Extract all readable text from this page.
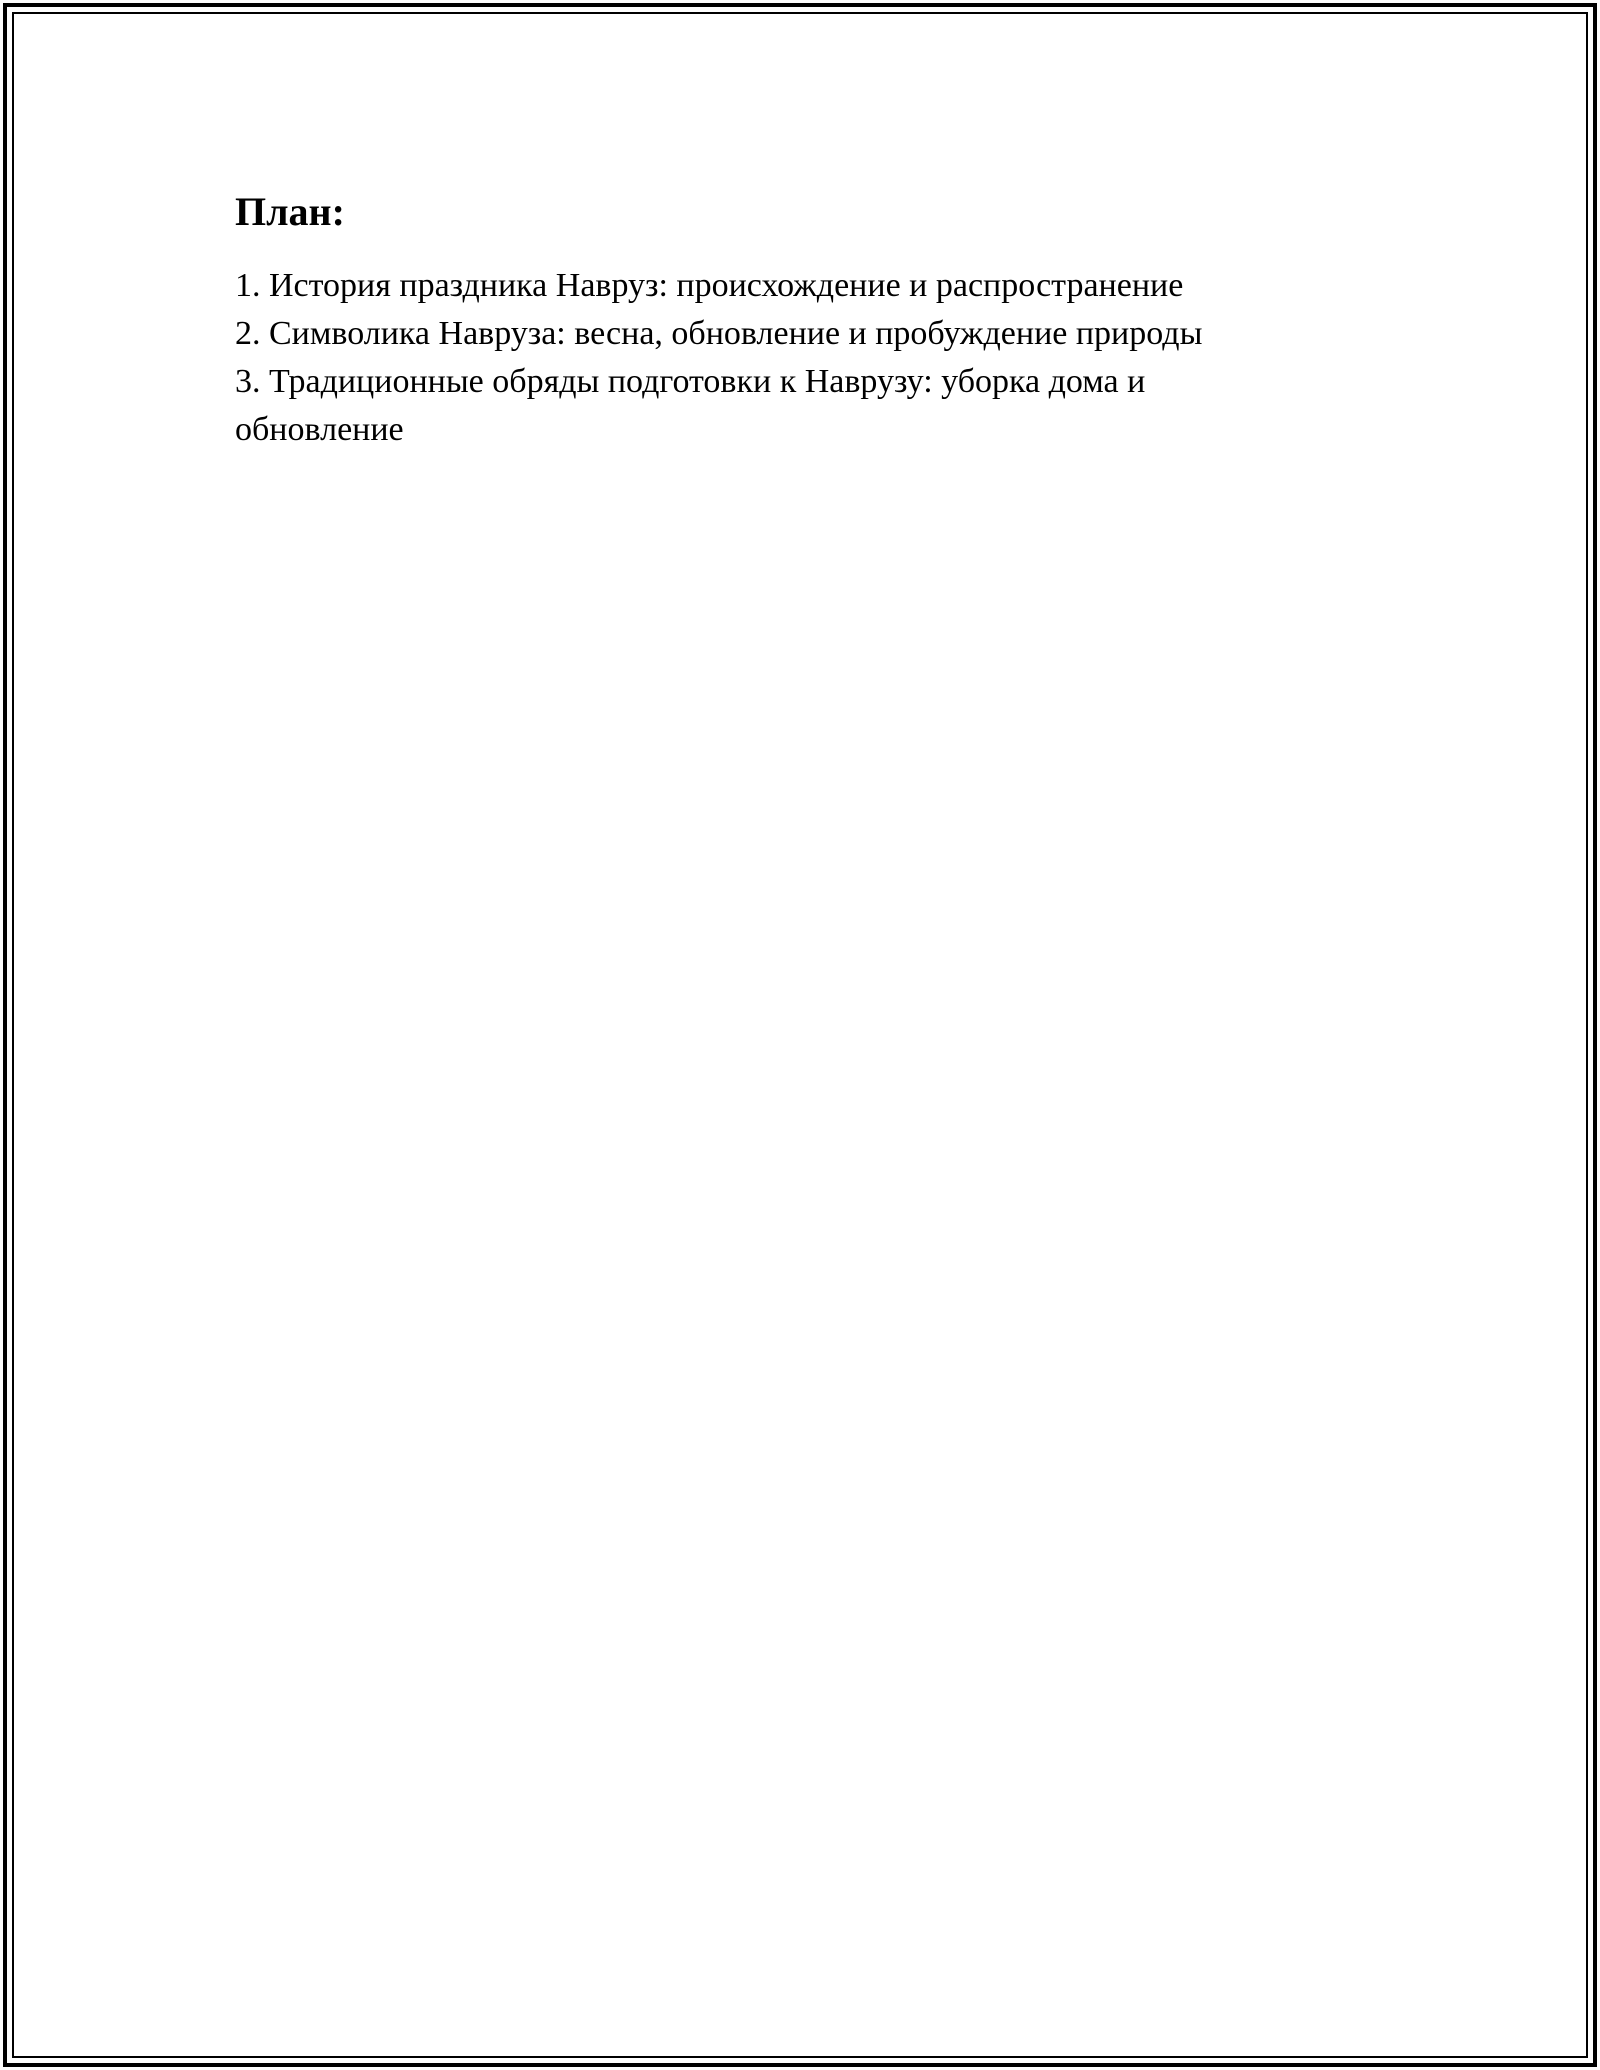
План:
1. История праздника Навруз: происхождение и распространение
2. Символика Навруза: весна, обновление и пробуждение природы
3. Традиционные обряды подготовки к Наврузу: уборка дома и обновление
